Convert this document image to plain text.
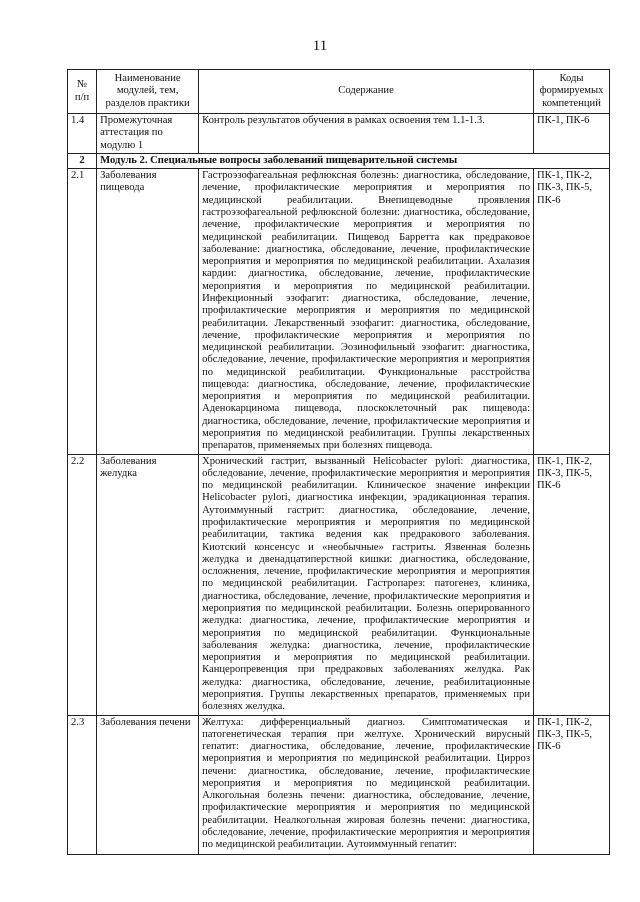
11
№
п/п	Наименование модулей, тем, разделов практики	Содержание	Коды формируемых компетенций
1.4	Промежуточная аттестация по модулю 1	Контроль результатов обучения в рамках освоения тем 1.1-1.3.	ПК-1, ПК-6
2	Модуль 2. Специальные вопросы заболеваний пищеварительной системы		
2.1	Заболевания пищевода	Гастроэзофагеальная рефлюксная болезнь: диагностика, обследование, лечение, профилактические мероприятия и мероприятия по медицинской реабилитации. Внепищеводные проявления гастроэзофагеальной рефлюксной болезни: диагностика, обследование, лечение, профилактические мероприятия и мероприятия по медицинской реабилитации. Пищевод Барретта как предраковое заболевание: диагностика, обследование, лечение, профилактические мероприятия и мероприятия по медицинской реабилитации. Ахалазия кардии: диагностика, обследование, лечение, профилактические мероприятия и мероприятия по медицинской реабилитации. Инфекционный эзофагит: диагностика, обследование, лечение, профилактические мероприятия и мероприятия по медицинской реабилитации. Лекарственный эзофагит: диагностика, обследование, лечение, профилактические мероприятия и мероприятия по медицинской реабилитации. Эозинофильный эзофагит: диагностика, обследование, лечение, профилактические мероприятия и мероприятия по медицинской реабилитации. Функциональные расстройства пищевода: диагностика, обследование, лечение, профилактические мероприятия и мероприятия по медицинской реабилитации. Аденокарцинома пищевода, плоскоклеточный рак пищевода: диагностика, обследование, лечение, профилактические мероприятия и мероприятия по медицинской реабилитации. Группы лекарственных препаратов, применяемых при болезнях пищевода.	ПК-1, ПК-2, ПК-3, ПК-5, ПК-6
2.2	Заболевания желудка	Хронический гастрит, вызванный Helicobacter pylori: диагностика, обследование, лечение, профилактические мероприятия и мероприятия по медицинской реабилитации. Клиническое значение инфекции Helicobacter pylori, диагностика инфекции, эрадикационная терапия. Аутоиммунный гастрит: диагностика, обследование, лечение, профилактические мероприятия и мероприятия по медицинской реабилитации, тактика ведения как предракового заболевания. Киотский консенсус и «необычные» гастриты. Язвенная болезнь желудка и двенадцатиперстной кишки: диагностика, обследование, осложнения, лечение, профилактические мероприятия и мероприятия по медицинской реабилитации. Гастропарез: патогенез, клиника, диагностика, обследование, лечение, профилактические мероприятия и мероприятия по медицинской реабилитации. Болезнь оперированного желудка: диагностика, лечение, профилактические мероприятия и мероприятия по медицинской реабилитации. Функциональные заболевания желудка: диагностика, лечение, профилактические мероприятия и мероприятия по медицинской реабилитации. Канцеропревенция при предраковых заболеваниях желудка. Рак желудка: диагностика, обследование, лечение, реабилитационные мероприятия. Группы лекарственных препаратов, применяемых при болезнях желудка.	ПК-1, ПК-2, ПК-3, ПК-5, ПК-6
2.3	Заболевания печени	Желтуха: дифференциальный диагноз. Симптоматическая и патогенетическая терапия при желтухе. Хронический вирусный гепатит: диагностика, обследование, лечение, профилактические мероприятия и мероприятия по медицинской реабилитации. Цирроз печени: диагностика, обследование, лечение, профилактические мероприятия и мероприятия по медицинской реабилитации. Алкогольная болезнь печени: диагностика, обследование, лечение, профилактические мероприятия и мероприятия по медицинской реабилитации. Неалкогольная жировая болезнь печени: диагностика, обследование, лечение, профилактические мероприятия и мероприятия по медицинской реабилитации. Аутоиммунный гепатит:	ПК-1, ПК-2, ПК-3, ПК-5, ПК-6
